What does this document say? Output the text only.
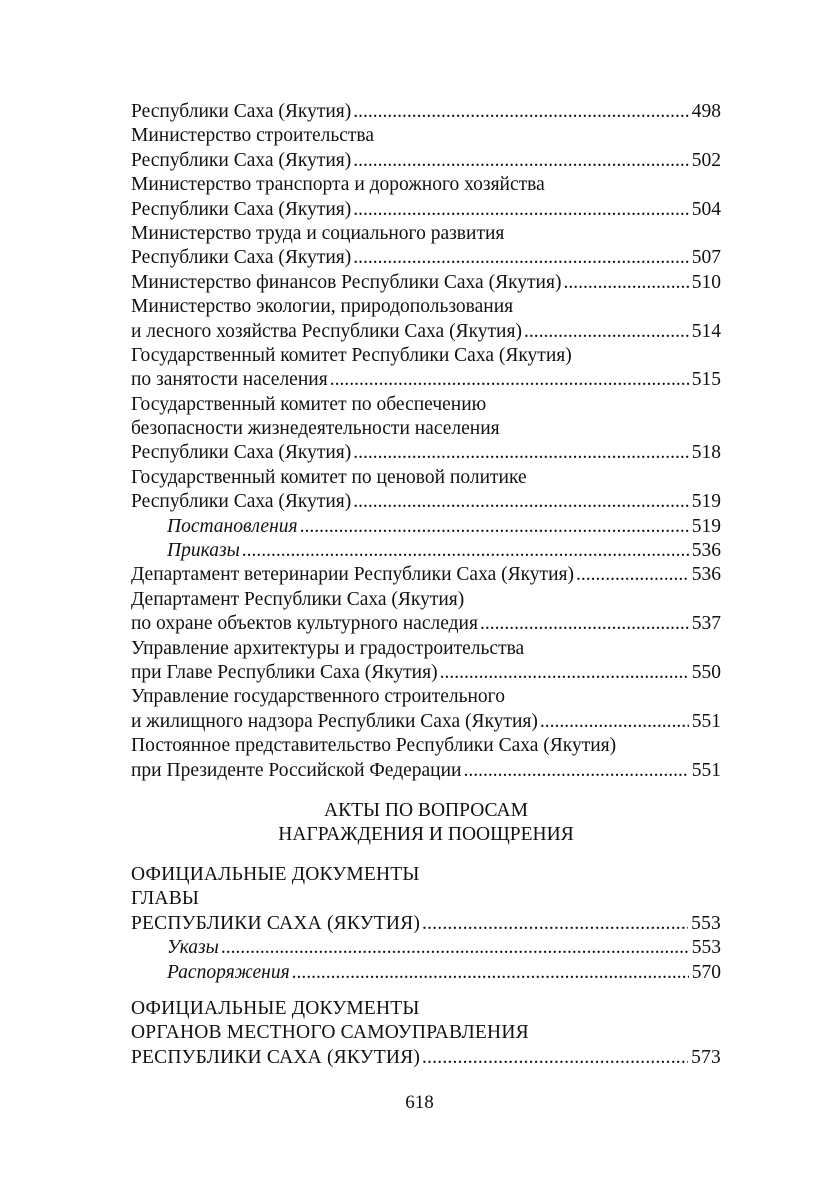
Республики Саха (Якутия) .....	498
Министерство строительства
Республики Саха (Якутия) .....	502
Министерство транспорта и дорожного хозяйства
Республики Саха (Якутия) .....	504
Министерство труда и социального развития
Республики Саха (Якутия) .....	507
Министерство финансов Республики Саха (Якутия) .....	510
Министерство экологии, природопользования
и лесного хозяйства Республики Саха (Якутия) .....	514
Государственный комитет Республики Саха (Якутия)
по занятости населения .....	515
Государственный комитет по обеспечению
безопасности жизнедеятельности населения
Республики Саха (Якутия) .....	518
Государственный комитет по ценовой политике
Республики Саха (Якутия) .....	519
Постановления .....	519
Приказы .....	536
Департамент ветеринарии Республики Саха (Якутия) .....	536
Департамент Республики Саха (Якутия)
по охране объектов культурного наследия .....	537
Управление архитектуры и градостроительства
при Главе Республики Саха (Якутия) .....	550
Управление государственного строительного
и жилищного надзора Республики Саха (Якутия) .....	551
Постоянное представительство Республики Саха (Якутия)
при Президенте Российской Федерации .....	551
АКТЫ ПО ВОПРОСАМ
НАГРАЖДЕНИЯ И ПООЩРЕНИЯ
ОФИЦИАЛЬНЫЕ ДОКУМЕНТЫ
ГЛАВЫ
РЕСПУБЛИКИ САХА (ЯКУТИЯ) .....	553
Указы .....	553
Распоряжения .....	570
ОФИЦИАЛЬНЫЕ ДОКУМЕНТЫ
ОРГАНОВ МЕСТНОГО САМОУПРАВЛЕНИЯ
РЕСПУБЛИКИ САХА (ЯКУТИЯ) .....	573
618
